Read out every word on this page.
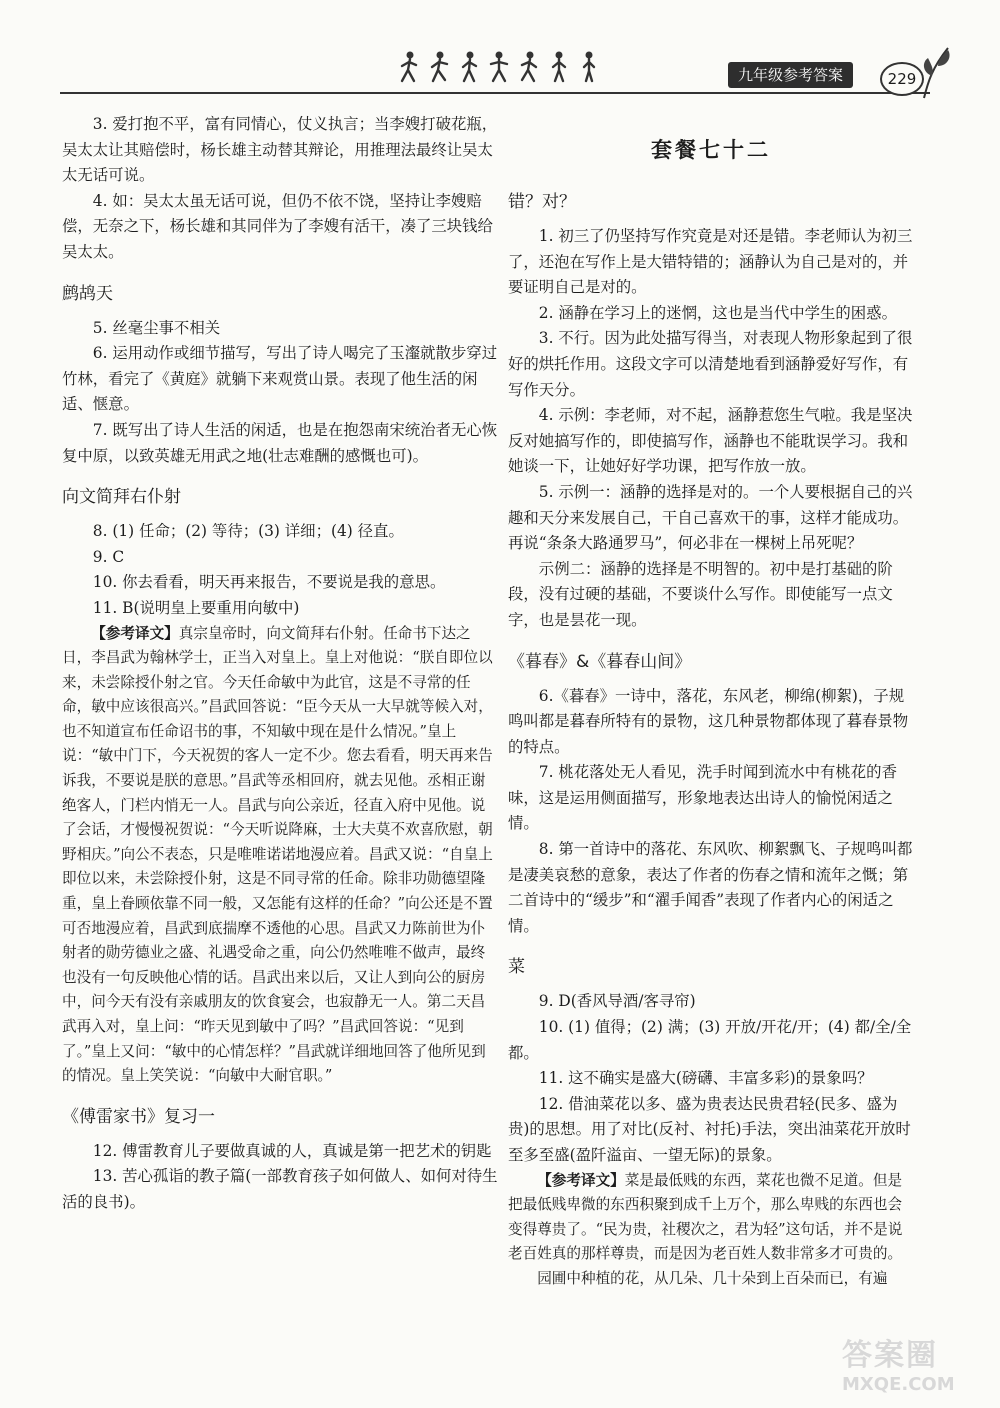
九年级参考答案	229

3. 爱打抱不平，富有同情心，仗义执言；当李嫂打破花瓶，吴太太让其赔偿时，杨长雄主动替其辩论，用推理法最终让吴太太无话可说。

4. 如：吴太太虽无话可说，但仍不依不饶，坚持让李嫂赔偿，无奈之下，杨长雄和其同伴为了李嫂有活干，凑了三块钱给吴太太。

鹧鸪天

5. 丝毫尘事不相关

6. 运用动作或细节描写，写出了诗人喝完了玉瀣就散步穿过竹林，看完了《黄庭》就躺下来观赏山景。表现了他生活的闲适、惬意。

7. 既写出了诗人生活的闲适，也是在抱怨南宋统治者无心恢复中原，以致英雄无用武之地(壮志难酬的感慨也可)。

向文简拜右仆射

8. (1) 任命；(2) 等待；(3) 详细；(4) 径直。

9. C

10. 你去看看，明天再来报告，不要说是我的意思。

11. B(说明皇上要重用向敏中)

【参考译文】真宗皇帝时，向文简拜右仆射。任命书下达之日，李昌武为翰林学士，正当入对皇上。皇上对他说：“朕自即位以来，未尝除授仆射之官。今天任命敏中为此官，这是不寻常的任命，敏中应该很高兴。”昌武回答说：“臣今天从一大早就等候入对，也不知道宣布任命诏书的事，不知敏中现在是什么情况。”皇上说：“敏中门下，今天祝贺的客人一定不少。您去看看，明天再来告诉我，不要说是朕的意思。”昌武等丞相回府，就去见他。丞相正谢绝客人，门栏内悄无一人。昌武与向公亲近，径直入府中见他。说了会话，才慢慢祝贺说：“今天听说降麻，士大夫莫不欢喜欣慰，朝野相庆。”向公不表态，只是唯唯诺诺地漫应着。昌武又说：“自皇上即位以来，未尝除授仆射，这是不同寻常的任命。除非功勋德望隆重，皇上眷顾依靠不同一般，又怎能有这样的任命？”向公还是不置可否地漫应着，昌武到底揣摩不透他的心思。昌武又力陈前世为仆射者的勋劳德业之盛、礼遇受命之重，向公仍然唯唯不做声，最终也没有一句反映他心情的话。昌武出来以后，又让人到向公的厨房中，问今天有没有亲戚朋友的饮食宴会，也寂静无一人。第二天昌武再入对，皇上问：“昨天见到敏中了吗？”昌武回答说：“见到了。”皇上又问：“敏中的心情怎样？”昌武就详细地回答了他所见到的情况。皇上笑笑说：“向敏中大耐官职。”

《傅雷家书》复习一

12. 傅雷教育儿子要做真诚的人，真诚是第一把艺术的钥匙

13. 苦心孤诣的教子篇(一部教育孩子如何做人、如何对待生活的良书)。

套餐七十二
错？对？

1. 初三了仍坚持写作究竟是对还是错。李老师认为初三了，还泡在写作上是大错特错的；涵静认为自己是对的，并要证明自己是对的。

2. 涵静在学习上的迷惘，这也是当代中学生的困惑。

3. 不行。因为此处描写得当，对表现人物形象起到了很好的烘托作用。这段文字可以清楚地看到涵静爱好写作，有写作天分。

4. 示例：李老师，对不起，涵静惹您生气啦。我是坚决反对她搞写作的，即使搞写作，涵静也不能耽误学习。我和她谈一下，让她好好学功课，把写作放一放。

5. 示例一：涵静的选择是对的。一个人要根据自己的兴趣和天分来发展自己，干自己喜欢干的事，这样才能成功。再说“条条大路通罗马”，何必非在一棵树上吊死呢？

示例二：涵静的选择是不明智的。初中是打基础的阶段，没有过硬的基础，不要谈什么写作。即使能写一点文字，也是昙花一现。

《暮春》&《暮春山间》

6.《暮春》一诗中，落花，东风老，柳绵(柳絮)，子规鸣叫都是暮春所特有的景物，这几种景物都体现了暮春景物的特点。

7. 桃花落处无人看见，洗手时闻到流水中有桃花的香味，这是运用侧面描写，形象地表达出诗人的愉悦闲适之情。

8. 第一首诗中的落花、东风吹、柳絮飘飞、子规鸣叫都是凄美哀愁的意象，表达了作者的伤春之情和流年之慨；第二首诗中的“缓步”和“濯手闻香”表现了作者内心的闲适之情。

菜

9. D(香风导酒/客寻帘)

10. (1) 值得；(2) 满；(3) 开放/开花/开；(4) 都/全/全都。

11. 这不确实是盛大(磅礴、丰富多彩)的景象吗？

12. 借油菜花以多、盛为贵表达民贵君轻(民多、盛为贵)的思想。用了对比(反衬、衬托)手法，突出油菜花开放时至多至盛(盈阡溢亩、一望无际)的景象。

【参考译文】菜是最低贱的东西，菜花也微不足道。但是把最低贱卑微的东西积聚到成千上万个，那么卑贱的东西也会变得尊贵了。“民为贵，社稷次之，君为轻”这句话，并不是说老百姓真的那样尊贵，而是因为老百姓人数非常多才可贵的。

园圃中种植的花，从几朵、几十朵到上百朵而已，有遍

答案圈
MXQE.COM
